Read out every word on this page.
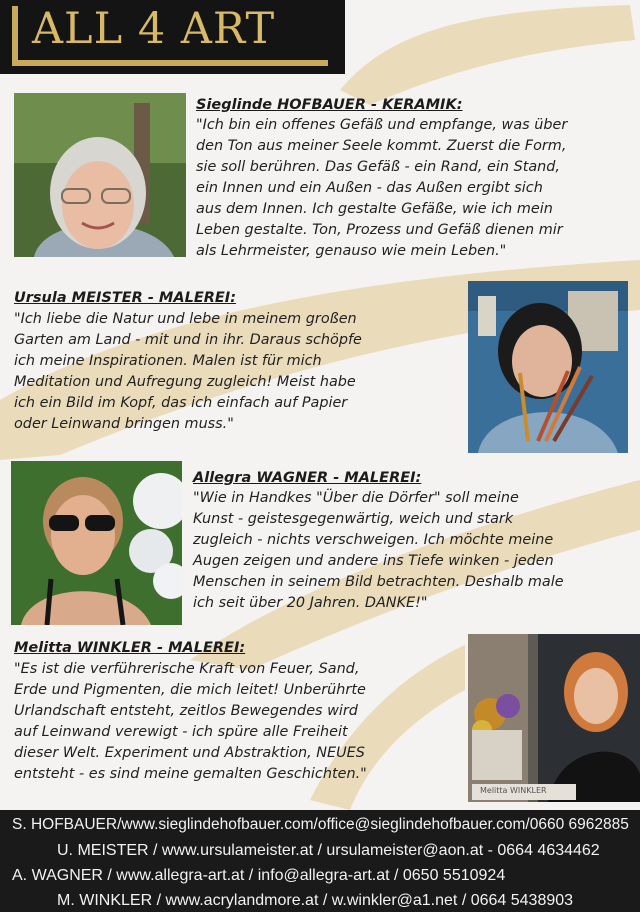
ALL 4 ART
Sieglinde HOFBAUER - KERAMIK:
"Ich bin ein offenes Gefäß und empfange, was über
den Ton aus meiner Seele kommt. Zuerst die Form,
sie soll berühren. Das Gefäß - ein Rand, ein Stand,
ein Innen und ein Außen - das Außen ergibt sich
aus dem Innen. Ich gestalte Gefäße, wie ich mein
Leben gestalte. Ton, Prozess und Gefäß dienen mir
als Lehrmeister, genauso wie mein Leben."
Ursula MEISTER - MALEREI:
"Ich liebe die Natur und lebe in meinem großen
Garten am Land - mit und in ihr. Daraus schöpfe
ich meine Inspirationen. Malen ist für mich
Meditation und Aufregung zugleich! Meist habe
ich ein Bild im Kopf, das ich einfach auf Papier
oder Leinwand bringen muss."
Allegra WAGNER - MALEREI:
"Wie in Handkes "Über die Dörfer" soll meine
Kunst - geistesgegenwärtig, weich und stark
zugleich - nichts verschweigen. Ich möchte meine
Augen zeigen und andere ins Tiefe winken - jeden
Menschen in seinem Bild betrachten. Deshalb male
ich seit über 20 Jahren. DANKE!"
Melitta WINKLER - MALEREI:
"Es ist die verführerische Kraft von Feuer, Sand,
Erde und Pigmenten, die mich leitet! Unberührte
Urlandschaft entsteht, zeitlos Bewegendes wird
auf Leinwand verewigt - ich spüre alle Freiheit
dieser Welt. Experiment und Abstraktion, NEUES
entsteht - es sind meine gemalten Geschichten."
Melitta WINKLER
S. HOFBAUER/www.sieglindehofbauer.com/office@sieglindehofbauer.com/0660 6962885
U. MEISTER / www.ursulameister.at / ursulameister@aon.at - 0664 4634462
A. WAGNER / www.allegra-art.at / info@allegra-art.at / 0650 5510924
M. WINKLER / www.acrylandmore.at / w.winkler@a1.net / 0664 5438903
